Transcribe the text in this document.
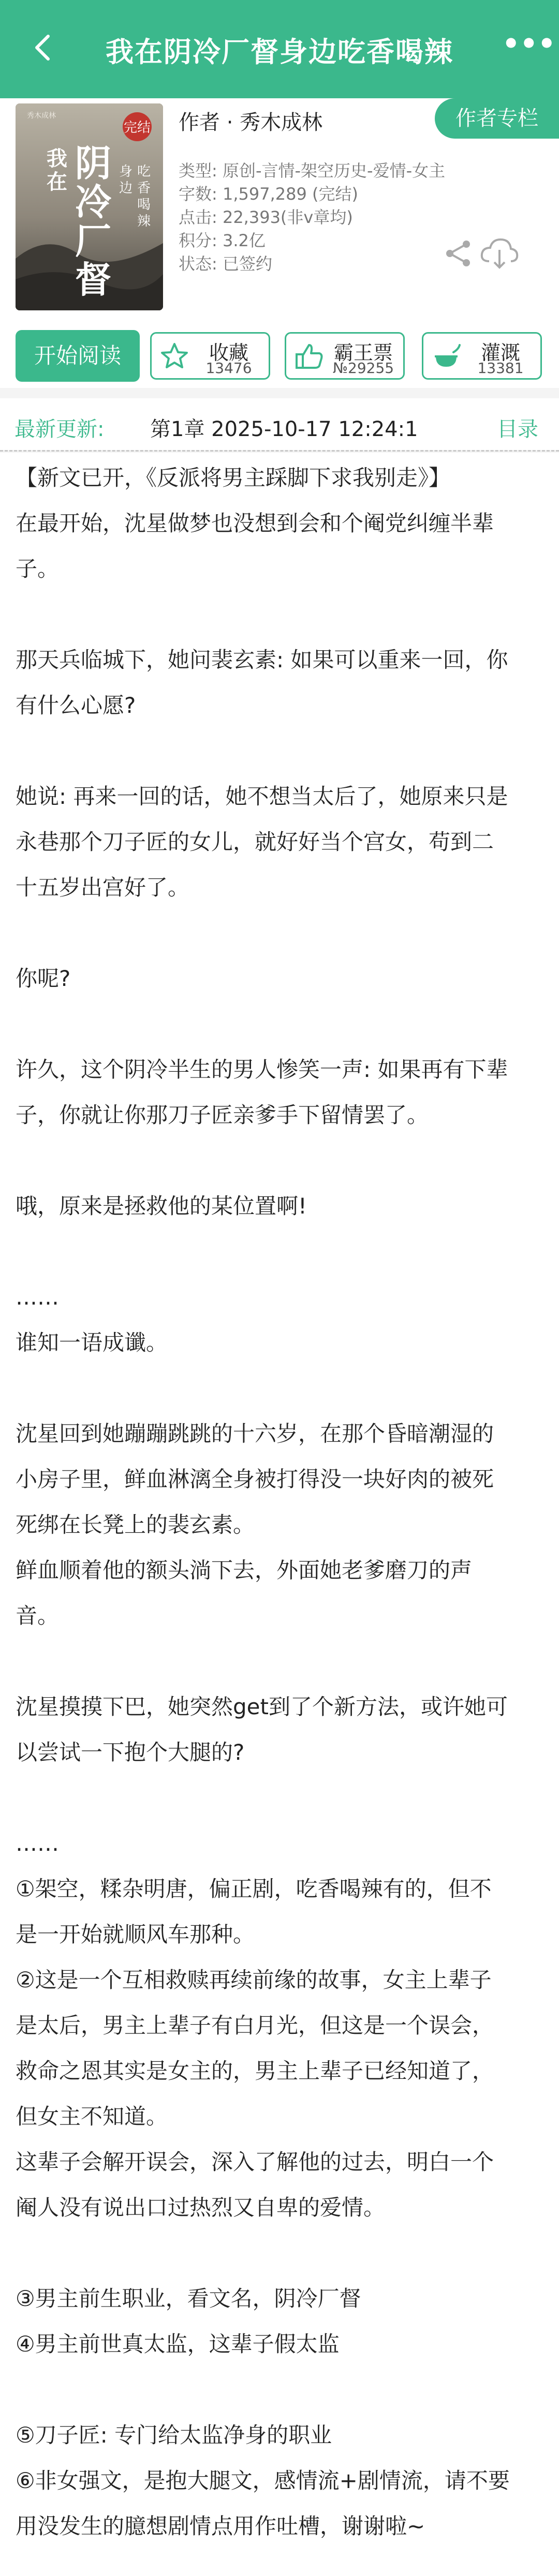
我在阴冷厂督身边吃香喝辣	•••
完结
秀木成林
我
在 阴
冷
厂
督
身
边
吃
香
喝
辣
作者 · 秀木成林	作者专栏
类型: 原创-言情-架空历史-爱情-女主
字数: 1,597,289 (完结)
点击: 22,393(非v章均)
积分: 3.2亿
状态: 已签约
开始阅读	收藏
13476
霸王票
№29255
灌溉
13381
最新更新: 第1章 2025-10-17 12:24:1	目录
【新文已开，《反派将男主踩脚下求我别走》】
在最开始，沈星做梦也没想到会和个阉党纠缠半辈
子。
那天兵临城下，她问裴玄素: 如果可以重来一回，你
有什么心愿?
她说: 再来一回的话，她不想当太后了，她原来只是
永巷那个刀子匠的女儿，就好好当个宫女，苟到二
十五岁出宫好了。
你呢?
许久，这个阴冷半生的男人惨笑一声: 如果再有下辈
子，你就让你那刀子匠亲爹手下留情罢了。
哦，原来是拯救他的某位置啊!
……
谁知一语成谶。
沈星回到她蹦蹦跳跳的十六岁，在那个昏暗潮湿的
小房子里，鲜血淋漓全身被打得没一块好肉的被死
死绑在长凳上的裴玄素。
鲜血顺着他的额头淌下去，外面她老爹磨刀的声
音。
沈星摸摸下巴，她突然get到了个新方法，或许她可
以尝试一下抱个大腿的?
……
①架空，糅杂明唐，偏正剧，吃香喝辣有的，但不
是一开始就顺风车那种。
②这是一个互相救赎再续前缘的故事，女主上辈子
是太后，男主上辈子有白月光，但这是一个误会，
救命之恩其实是女主的，男主上辈子已经知道了，
但女主不知道。
这辈子会解开误会，深入了解他的过去，明白一个
阉人没有说出口过热烈又自卑的爱情。
③男主前生职业，看文名，阴冷厂督
④男主前世真太监，这辈子假太监
⑤刀子匠: 专门给太监净身的职业
⑥非女强文，是抱大腿文，感情流+剧情流，请不要
用没发生的臆想剧情点用作吐槽，谢谢啦~
